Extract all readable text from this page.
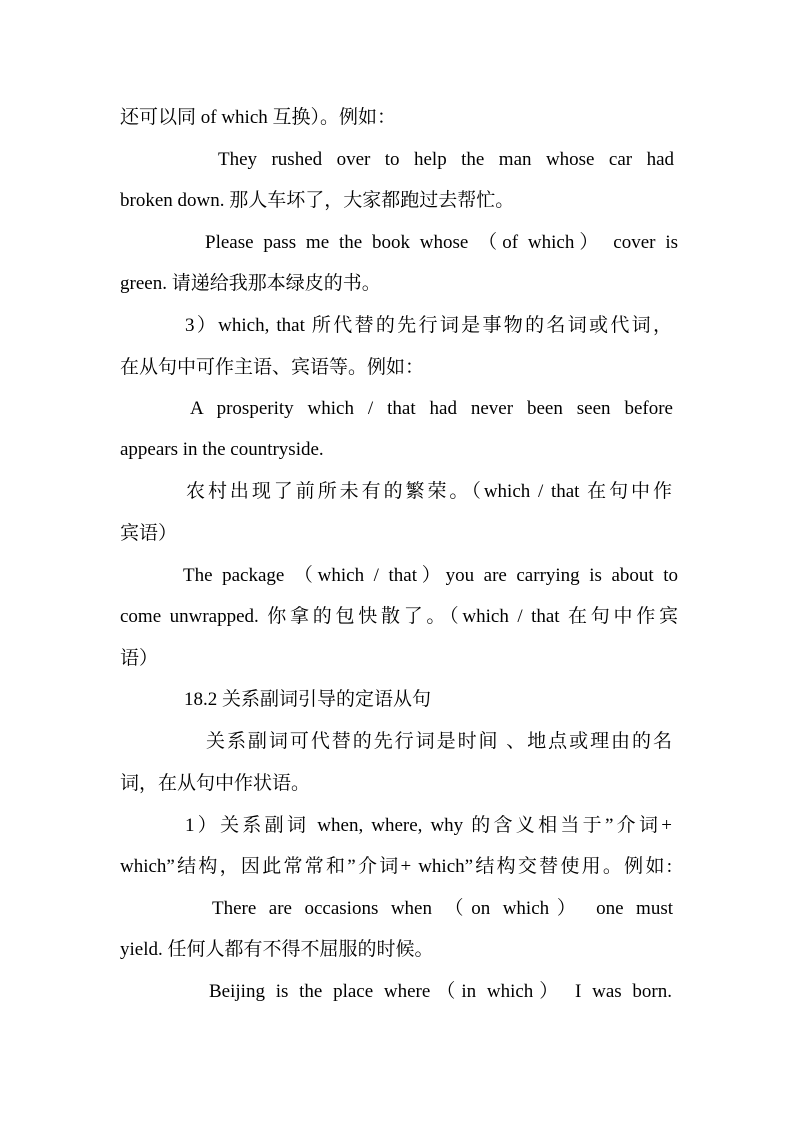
还可以同 of which 互换）。例如：
They rushed over to help the man whose car had
broken down. 那人车坏了，大家都跑过去帮忙。
Please pass me the book whose （of which） cover is
green. 请递给我那本绿皮的书。
3）which, that 所代替的先行词是事物的名词或代词，
在从句中可作主语、宾语等。例如：
A prosperity which / that had never been seen before
appears in the countryside.
农村出现了前所未有的繁荣。（which / that 在句中作
宾语）
The package （which / that）you are carrying is about to
come unwrapped. 你拿的包快散了。（which / that 在句中作宾
语）
18.2 关系副词引导的定语从句
关系副词可代替的先行词是时间 、地点或理由的名
词，在从句中作状语。
1）关系副词 when, where, why 的含义相当于”介词+
which”结构，因此常常和”介词+ which”结构交替使用。例如:
There are occasions when （on which） one must
yield. 任何人都有不得不屈服的时候。
Beijing is the place where（in which） I was born.
